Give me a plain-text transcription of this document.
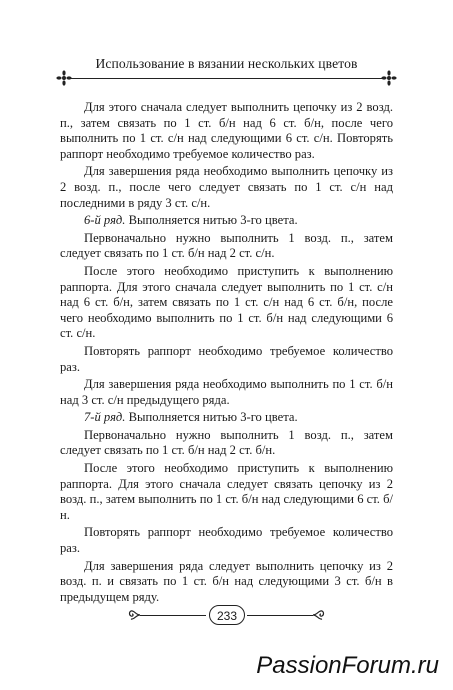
Использование в вязании нескольких цветов

Для этого сначала следует выполнить цепочку из 2 возд. п., затем связать по 1 ст. б/н над 6 ст. б/н, после чего выполнить по 1 ст. с/н над следующими 6 ст. с/н. Повторять раппорт необходимо требуемое количество раз.

Для завершения ряда необходимо выполнить цепочку из 2 возд. п., после чего следует связать по 1 ст. с/н над последними в ряду 3 ст. с/н.

6-й ряд. Выполняется нитью 3-го цвета.

Первоначально нужно выполнить 1 возд. п., затем следует связать по 1 ст. б/н над 2 ст. с/н.

После этого необходимо приступить к выполнению раппорта. Для этого сначала следует выполнить по 1 ст. с/н над 6 ст. б/н, затем связать по 1 ст. с/н над 6 ст. б/н, после чего необходимо выполнить по 1 ст. б/н над следующими 6 ст. с/н.

Повторять раппорт необходимо требуемое количество раз.

Для завершения ряда необходимо выполнить по 1 ст. б/н над 3 ст. с/н предыдущего ряда.

7-й ряд. Выполняется нитью 3-го цвета.

Первоначально нужно выполнить 1 возд. п., затем следует связать по 1 ст. б/н над 2 ст. б/н.

После этого необходимо приступить к выполнению раппорта. Для этого сначала следует связать цепочку из 2 возд. п., затем выполнить по 1 ст. б/н над следующими 6 ст. б/н.

Повторять раппорт необходимо требуемое количество раз.

Для завершения ряда следует выполнить цепочку из 2 возд. п. и связать по 1 ст. б/н над следующими 3 ст. б/н в предыдущем ряду.

233
PassionForum.ru
